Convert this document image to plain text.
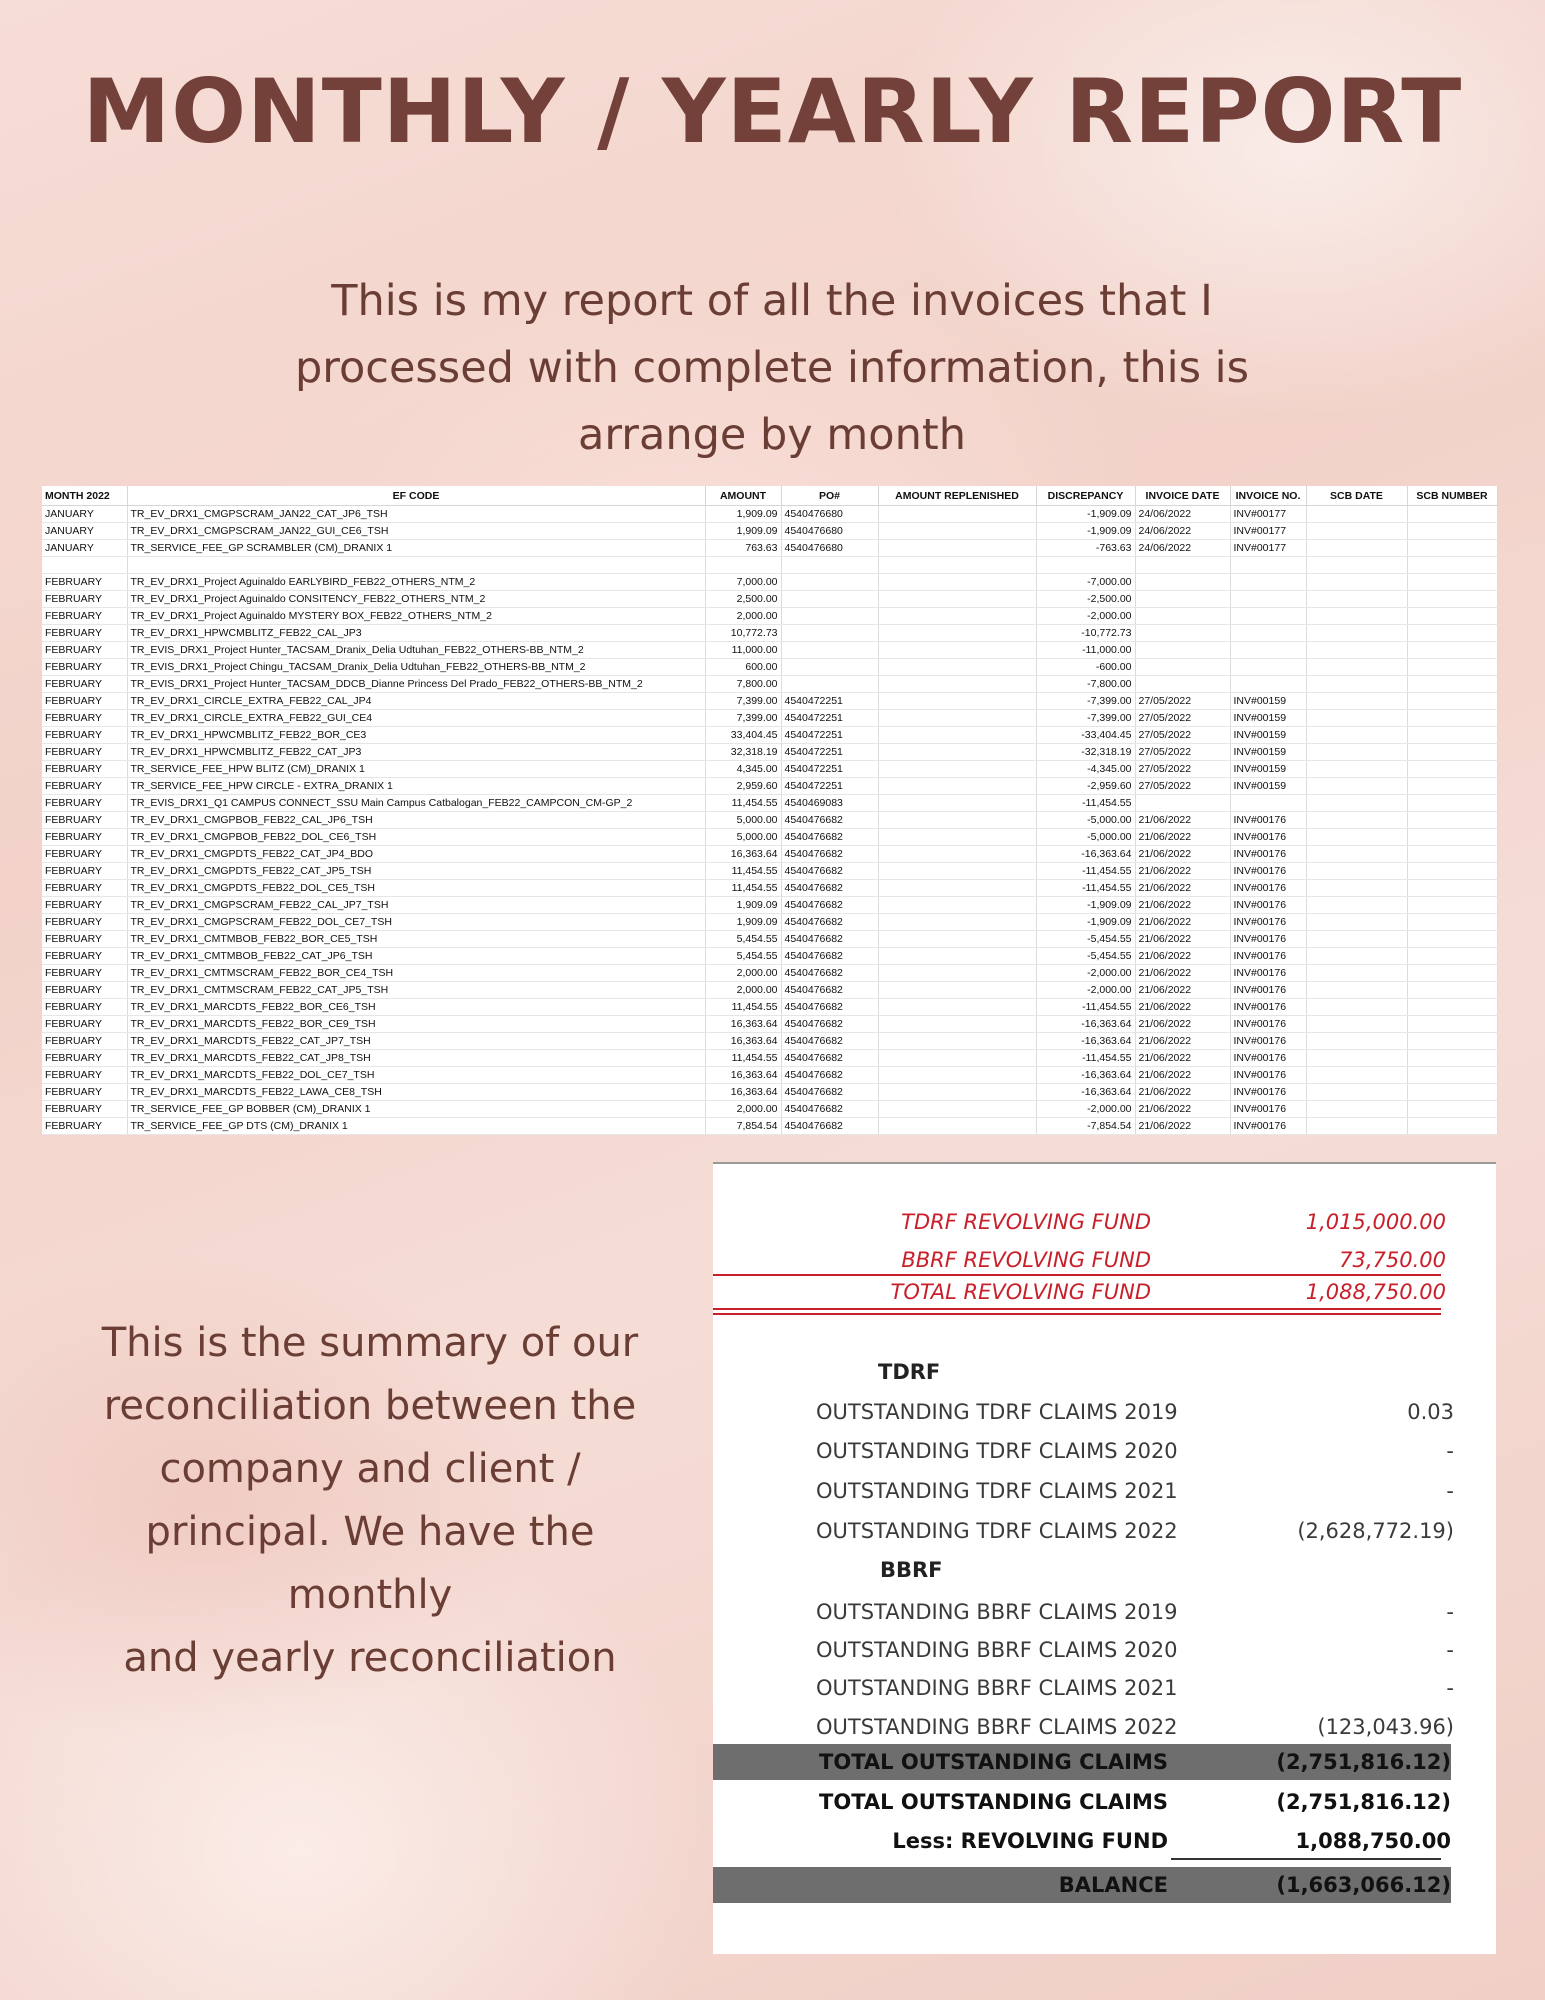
MONTHLY / YEARLY REPORT

This is my report of all the invoices that I
processed with complete information, this is
arrange by month

MONTH 2022	EF CODE	AMOUNT	PO#	AMOUNT REPLENISHED	DISCREPANCY	INVOICE DATE	INVOICE NO.	SCB DATE	SCB NUMBER
JANUARY	TR_EV_DRX1_CMGPSCRAM_JAN22_CAT_JP6_TSH	1,909.09	4540476680		-1,909.09	24/06/2022	INV#00177		
JANUARY	TR_EV_DRX1_CMGPSCRAM_JAN22_GUI_CE6_TSH	1,909.09	4540476680		-1,909.09	24/06/2022	INV#00177		
JANUARY	TR_SERVICE_FEE_GP SCRAMBLER (CM)_DRANIX 1	763.63	4540476680		-763.63	24/06/2022	INV#00177		

FEBRUARY	TR_EV_DRX1_Project Aguinaldo EARLYBIRD_FEB22_OTHERS_NTM_2	7,000.00			-7,000.00				
FEBRUARY	TR_EV_DRX1_Project Aguinaldo CONSITENCY_FEB22_OTHERS_NTM_2	2,500.00			-2,500.00				
FEBRUARY	TR_EV_DRX1_Project Aguinaldo MYSTERY BOX_FEB22_OTHERS_NTM_2	2,000.00			-2,000.00				
FEBRUARY	TR_EV_DRX1_HPWCMBLITZ_FEB22_CAL_JP3	10,772.73			-10,772.73				
FEBRUARY	TR_EVIS_DRX1_Project Hunter_TACSAM_Dranix_Delia Udtuhan_FEB22_OTHERS-BB_NTM_2	11,000.00			-11,000.00				
FEBRUARY	TR_EVIS_DRX1_Project Chingu_TACSAM_Dranix_Delia Udtuhan_FEB22_OTHERS-BB_NTM_2	600.00			-600.00				
FEBRUARY	TR_EVIS_DRX1_Project Hunter_TACSAM_DDCB_Dianne Princess Del Prado_FEB22_OTHERS-BB_NTM_2	7,800.00			-7,800.00				
FEBRUARY	TR_EV_DRX1_CIRCLE_EXTRA_FEB22_CAL_JP4	7,399.00	4540472251		-7,399.00	27/05/2022	INV#00159		
FEBRUARY	TR_EV_DRX1_CIRCLE_EXTRA_FEB22_GUI_CE4	7,399.00	4540472251		-7,399.00	27/05/2022	INV#00159		
FEBRUARY	TR_EV_DRX1_HPWCMBLITZ_FEB22_BOR_CE3	33,404.45	4540472251		-33,404.45	27/05/2022	INV#00159		
FEBRUARY	TR_EV_DRX1_HPWCMBLITZ_FEB22_CAT_JP3	32,318.19	4540472251		-32,318.19	27/05/2022	INV#00159		
FEBRUARY	TR_SERVICE_FEE_HPW BLITZ (CM)_DRANIX 1	4,345.00	4540472251		-4,345.00	27/05/2022	INV#00159		
FEBRUARY	TR_SERVICE_FEE_HPW CIRCLE - EXTRA_DRANIX 1	2,959.60	4540472251		-2,959.60	27/05/2022	INV#00159		
FEBRUARY	TR_EVIS_DRX1_Q1 CAMPUS CONNECT_SSU Main Campus Catbalogan_FEB22_CAMPCON_CM-GP_2	11,454.55	4540469083		-11,454.55				
FEBRUARY	TR_EV_DRX1_CMGPBOB_FEB22_CAL_JP6_TSH	5,000.00	4540476682		-5,000.00	21/06/2022	INV#00176		
FEBRUARY	TR_EV_DRX1_CMGPBOB_FEB22_DOL_CE6_TSH	5,000.00	4540476682		-5,000.00	21/06/2022	INV#00176		
FEBRUARY	TR_EV_DRX1_CMGPDTS_FEB22_CAT_JP4_BDO	16,363.64	4540476682		-16,363.64	21/06/2022	INV#00176		
FEBRUARY	TR_EV_DRX1_CMGPDTS_FEB22_CAT_JP5_TSH	11,454.55	4540476682		-11,454.55	21/06/2022	INV#00176		
FEBRUARY	TR_EV_DRX1_CMGPDTS_FEB22_DOL_CE5_TSH	11,454.55	4540476682		-11,454.55	21/06/2022	INV#00176		
FEBRUARY	TR_EV_DRX1_CMGPSCRAM_FEB22_CAL_JP7_TSH	1,909.09	4540476682		-1,909.09	21/06/2022	INV#00176		
FEBRUARY	TR_EV_DRX1_CMGPSCRAM_FEB22_DOL_CE7_TSH	1,909.09	4540476682		-1,909.09	21/06/2022	INV#00176		
FEBRUARY	TR_EV_DRX1_CMTMBOB_FEB22_BOR_CE5_TSH	5,454.55	4540476682		-5,454.55	21/06/2022	INV#00176		
FEBRUARY	TR_EV_DRX1_CMTMBOB_FEB22_CAT_JP6_TSH	5,454.55	4540476682		-5,454.55	21/06/2022	INV#00176		
FEBRUARY	TR_EV_DRX1_CMTMSCRAM_FEB22_BOR_CE4_TSH	2,000.00	4540476682		-2,000.00	21/06/2022	INV#00176		
FEBRUARY	TR_EV_DRX1_CMTMSCRAM_FEB22_CAT_JP5_TSH	2,000.00	4540476682		-2,000.00	21/06/2022	INV#00176		
FEBRUARY	TR_EV_DRX1_MARCDTS_FEB22_BOR_CE6_TSH	11,454.55	4540476682		-11,454.55	21/06/2022	INV#00176		
FEBRUARY	TR_EV_DRX1_MARCDTS_FEB22_BOR_CE9_TSH	16,363.64	4540476682		-16,363.64	21/06/2022	INV#00176		
FEBRUARY	TR_EV_DRX1_MARCDTS_FEB22_CAT_JP7_TSH	16,363.64	4540476682		-16,363.64	21/06/2022	INV#00176		
FEBRUARY	TR_EV_DRX1_MARCDTS_FEB22_CAT_JP8_TSH	11,454.55	4540476682		-11,454.55	21/06/2022	INV#00176		
FEBRUARY	TR_EV_DRX1_MARCDTS_FEB22_DOL_CE7_TSH	16,363.64	4540476682		-16,363.64	21/06/2022	INV#00176		
FEBRUARY	TR_EV_DRX1_MARCDTS_FEB22_LAWA_CE8_TSH	16,363.64	4540476682		-16,363.64	21/06/2022	INV#00176		
FEBRUARY	TR_SERVICE_FEE_GP BOBBER (CM)_DRANIX 1	2,000.00	4540476682		-2,000.00	21/06/2022	INV#00176		
FEBRUARY	TR_SERVICE_FEE_GP DTS (CM)_DRANIX 1	7,854.54	4540476682		-7,854.54	21/06/2022	INV#00176		

This is the summary of our
reconciliation between the
company and client /
principal. We have the monthly
and yearly reconciliation

TDRF REVOLVING FUND	1,015,000.00
BBRF REVOLVING FUND	73,750.00
TOTAL REVOLVING FUND	1,088,750.00
TDRF
OUTSTANDING TDRF CLAIMS 2019	0.03
OUTSTANDING TDRF CLAIMS 2020	-
OUTSTANDING TDRF CLAIMS 2021	-
OUTSTANDING TDRF CLAIMS 2022	(2,628,772.19)
BBRF
OUTSTANDING BBRF CLAIMS 2019	-
OUTSTANDING BBRF CLAIMS 2020	-
OUTSTANDING BBRF CLAIMS 2021	-
OUTSTANDING BBRF CLAIMS 2022	(123,043.96)
TOTAL OUTSTANDING CLAIMS	(2,751,816.12)
TOTAL OUTSTANDING CLAIMS	(2,751,816.12)
Less: REVOLVING FUND	1,088,750.00
BALANCE	(1,663,066.12)
